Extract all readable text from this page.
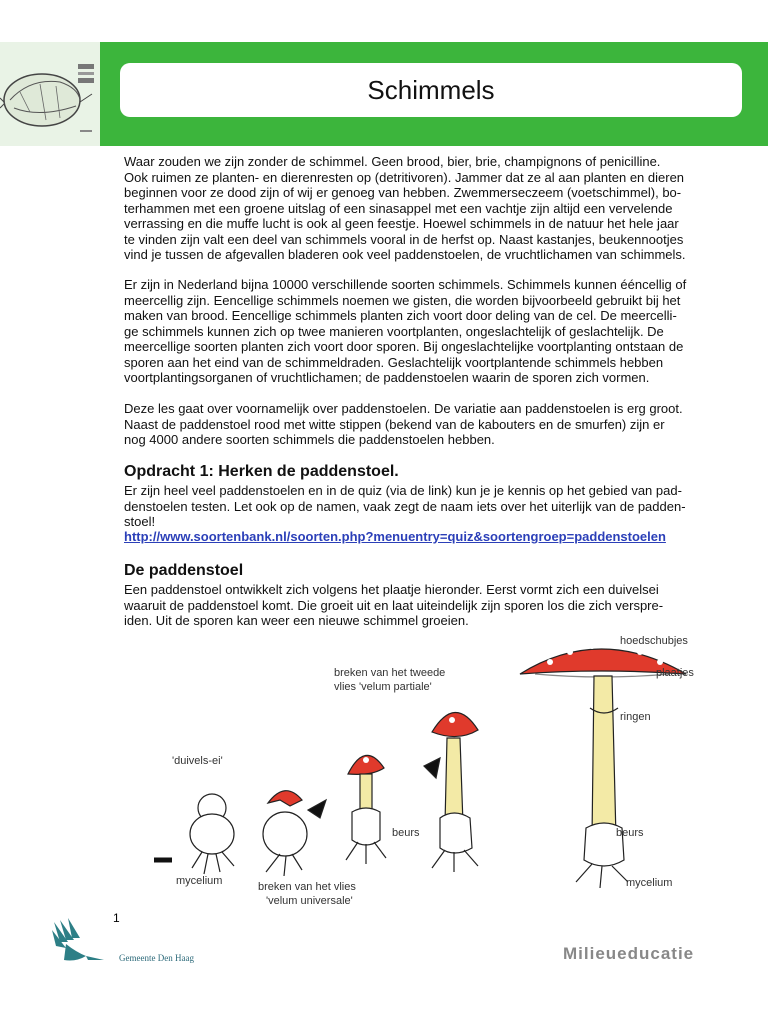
Schimmels

Waar zouden we zijn zonder de schimmel. Geen brood, bier, brie, champignons of penicilline.
Ook ruimen ze planten- en dierenresten op (detritivoren). Jammer dat ze al aan planten en dieren
beginnen voor ze dood zijn of wij er genoeg van hebben. Zwemmerseczeem (voetschimmel), bo-
terhammen met een groene uitslag of een sinasappel met een vachtje zijn altijd een vervelende
verrassing en die muffe lucht is ook al geen feestje. Hoewel schimmels in de natuur het hele jaar
te vinden zijn valt een deel van schimmels vooral in de herfst op. Naast kastanjes, beukennootjes
vind je tussen de afgevallen bladeren ook veel paddenstoelen, de vruchtlichamen van schimmels.

Er zijn in Nederland bijna 10000 verschillende soorten schimmels. Schimmels kunnen ééncellig of
meercellig zijn. Eencellige schimmels noemen we gisten, die worden bijvoorbeeld gebruikt bij het
maken van brood. Eencellige schimmels planten zich voort door deling van de cel. De meercelli-
ge schimmels kunnen zich op twee manieren voortplanten, ongeslachtelijk of geslachtelijk. De
meercellige soorten planten zich voort door sporen. Bij ongeslachtelijke voortplanting ontstaan de
sporen aan het eind van de schimmeldraden. Geslachtelijk voortplantende schimmels hebben
voortplantingsorganen of vruchtlichamen; de paddenstoelen waarin de sporen zich vormen.

Deze les gaat over voornamelijk over paddenstoelen. De variatie aan paddenstoelen is erg groot.
Naast de paddenstoel rood met witte stippen (bekend van de kabouters en de smurfen) zijn er
nog 4000 andere soorten schimmels die paddenstoelen hebben.

Opdracht 1: Herken de paddenstoel.

Er zijn heel veel paddenstoelen en in de quiz (via de link) kun je je kennis op het gebied van pad-
denstoelen testen. Let ook op de namen, vaak zegt de naam iets over het uiterlijk van de padden-
stoel!

http://www.soortenbank.nl/soorten.php?menuentry=quiz&soortengroep=paddenstoelen
De paddenstoel

Een paddenstoel ontwikkelt zich volgens het plaatje hieronder. Eerst vormt zich een duivelsei
waaruit de paddenstoel komt. Die groeit uit en laat uiteindelijk zijn sporen los die zich verspre-
iden. Uit de sporen kan weer een nieuwe schimmel groeien.

'duivels-ei'
mycelium	breken van het vlies
'velum universale'
breken van het tweede
vlies 'velum partiale'
beurs
hoedschubjes
plaatjes
ringen
beurs
mycelium
1
Gemeente Den Haag	Milieueducatie
